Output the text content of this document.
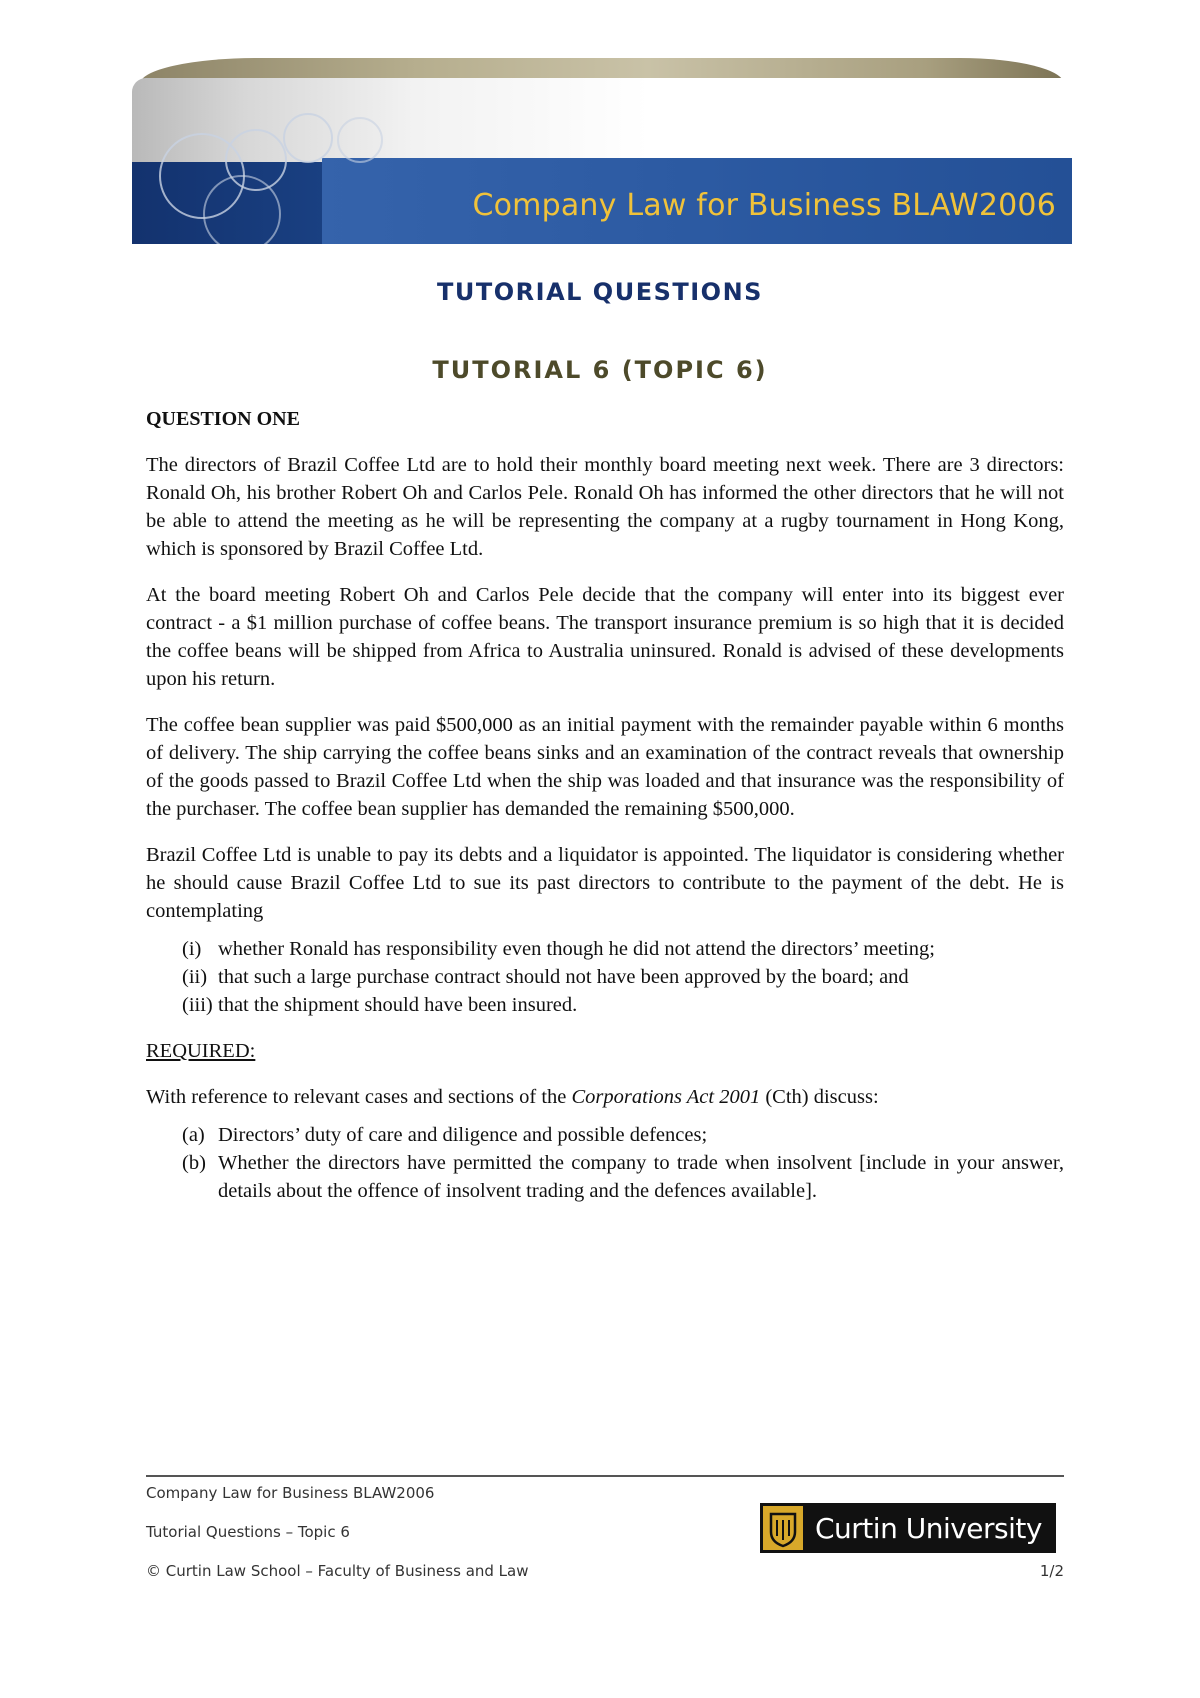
Company Law for Business BLAW2006
TUTORIAL QUESTIONS
TUTORIAL 6 (TOPIC 6)
QUESTION ONE

The directors of Brazil Coffee Ltd are to hold their monthly board meeting next week. There are 3 directors: Ronald Oh, his brother Robert Oh and Carlos Pele. Ronald Oh has informed the other directors that he will not be able to attend the meeting as he will be representing the company at a rugby tournament in Hong Kong, which is sponsored by Brazil Coffee Ltd.

At the board meeting Robert Oh and Carlos Pele decide that the company will enter into its biggest ever contract - a $1 million purchase of coffee beans. The transport insurance premium is so high that it is decided the coffee beans will be shipped from Africa to Australia uninsured. Ronald is advised of these developments upon his return.

The coffee bean supplier was paid $500,000 as an initial payment with the remainder payable within 6 months of delivery. The ship carrying the coffee beans sinks and an examination of the contract reveals that ownership of the goods passed to Brazil Coffee Ltd when the ship was loaded and that insurance was the responsibility of the purchaser. The coffee bean supplier has demanded the remaining $500,000.

Brazil Coffee Ltd is unable to pay its debts and a liquidator is appointed. The liquidator is considering whether he should cause Brazil Coffee Ltd to sue its past directors to contribute to the payment of the debt. He is contemplating

(i) whether Ronald has responsibility even though he did not attend the directors’ meeting;
(ii) that such a large purchase contract should not have been approved by the board; and
(iii) that the shipment should have been insured.
REQUIRED:

With reference to relevant cases and sections of the Corporations Act 2001 (Cth) discuss:

(a) Directors’ duty of care and diligence and possible defences;
(b) Whether the directors have permitted the company to trade when insolvent [include in your answer, details about the offence of insolvent trading and the defences available].
Company Law for Business BLAW2006
Tutorial Questions – Topic 6
© Curtin Law School – Faculty of Business and Law	1/2
Curtin University
